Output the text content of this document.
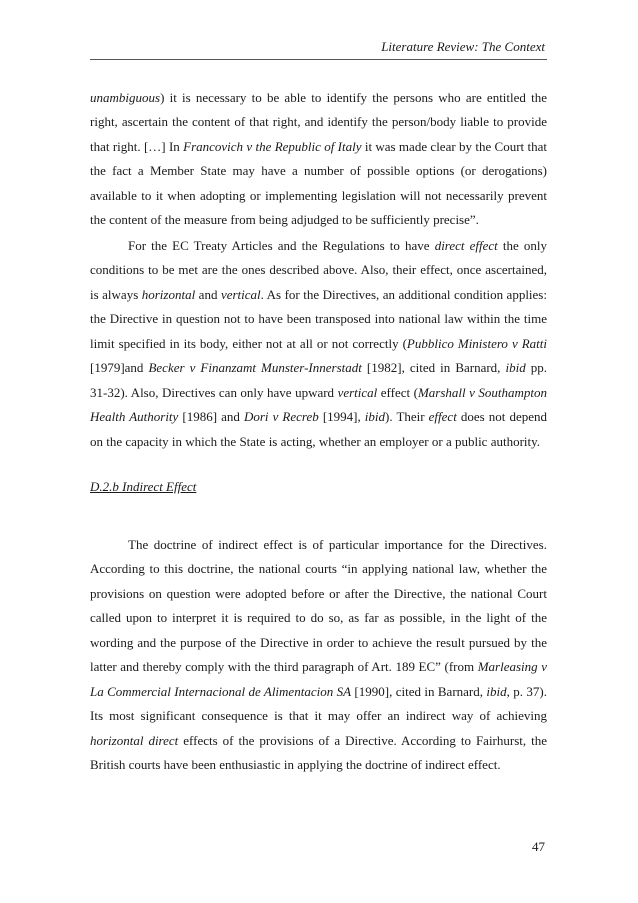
Literature Review: The Context

unambiguous) it is necessary to be able to identify the persons who are entitled the right, ascertain the content of that right, and identify the person/body liable to provide that right. […] In Francovich v the Republic of Italy it was made clear by the Court that the fact a Member State may have a number of possible options (or derogations) available to it when adopting or implementing legislation will not necessarily prevent the content of the measure from being adjudged to be sufficiently precise”.

For the EC Treaty Articles and the Regulations to have direct effect the only conditions to be met are the ones described above. Also, their effect, once ascertained, is always horizontal and vertical. As for the Directives, an additional condition applies: the Directive in question not to have been transposed into national law within the time limit specified in its body, either not at all or not correctly (Pubblico Ministero v Ratti [1979]and Becker v Finanzamt Munster-Innerstadt [1982], cited in Barnard, ibid pp. 31-32). Also, Directives can only have upward vertical effect (Marshall v Southampton Health Authority [1986] and Dori v Recreb [1994], ibid). Their effect does not depend on the capacity in which the State is acting, whether an employer or a public authority.

D.2.b Indirect Effect

The doctrine of indirect effect is of particular importance for the Directives. According to this doctrine, the national courts “in applying national law, whether the provisions on question were adopted before or after the Directive, the national Court called upon to interpret it is required to do so, as far as possible, in the light of the wording and the purpose of the Directive in order to achieve the result pursued by the latter and thereby comply with the third paragraph of Art. 189 EC” (from Marleasing v La Commercial Internacional de Alimentacion SA [1990], cited in Barnard, ibid, p. 37). Its most significant consequence is that it may offer an indirect way of achieving horizontal direct effects of the provisions of a Directive. According to Fairhurst, the British courts have been enthusiastic in applying the doctrine of indirect effect.

47
